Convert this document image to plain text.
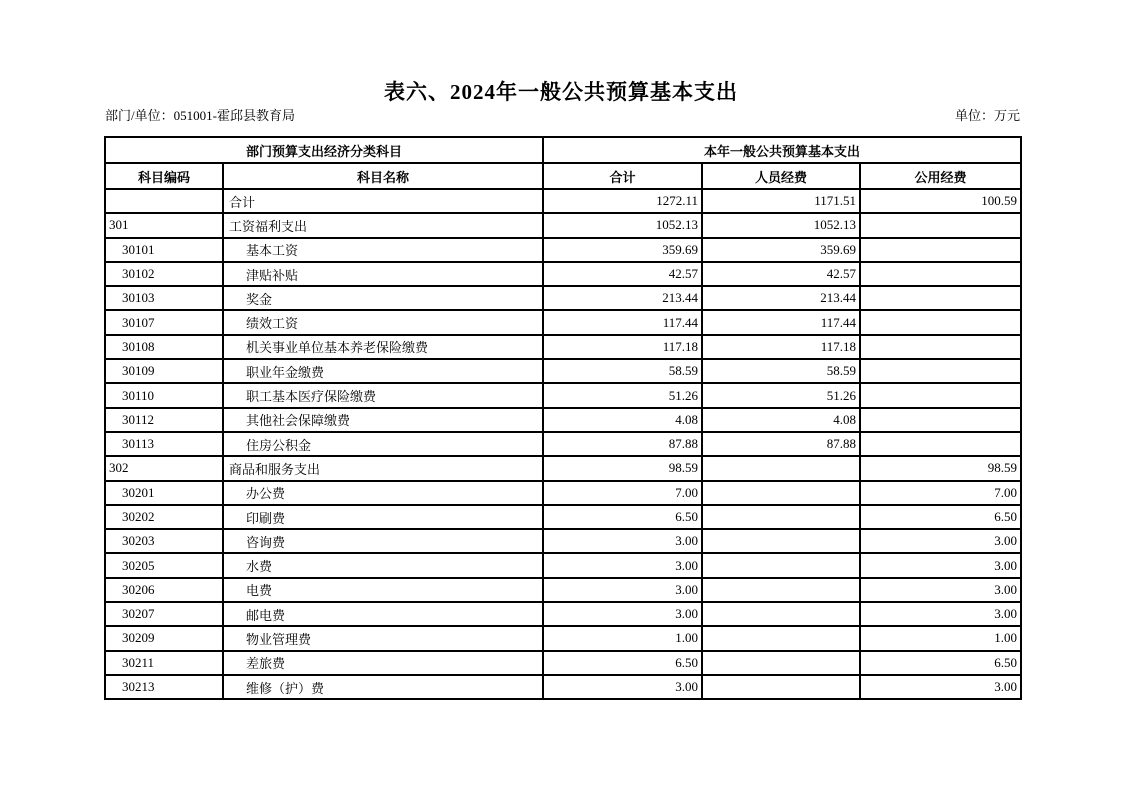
表六、2024年一般公共预算基本支出
部门/单位：051001-霍邱县教育局	单位：万元
部门预算支出经济分类科目		本年一般公共预算基本支出		
科目编码	科目名称	合计	人员经费	公用经费
	合计	1272.11	1171.51	100.59
301	工资福利支出	1052.13	1052.13	
30101	基本工资	359.69	359.69	
30102	津贴补贴	42.57	42.57	
30103	奖金	213.44	213.44	
30107	绩效工资	117.44	117.44	
30108	机关事业单位基本养老保险缴费	117.18	117.18	
30109	职业年金缴费	58.59	58.59	
30110	职工基本医疗保险缴费	51.26	51.26	
30112	其他社会保障缴费	4.08	4.08	
30113	住房公积金	87.88	87.88	
302	商品和服务支出	98.59		98.59
30201	办公费	7.00		7.00
30202	印刷费	6.50		6.50
30203	咨询费	3.00		3.00
30205	水费	3.00		3.00
30206	电费	3.00		3.00
30207	邮电费	3.00		3.00
30209	物业管理费	1.00		1.00
30211	差旅费	6.50		6.50
30213	维修（护）费	3.00		3.00
